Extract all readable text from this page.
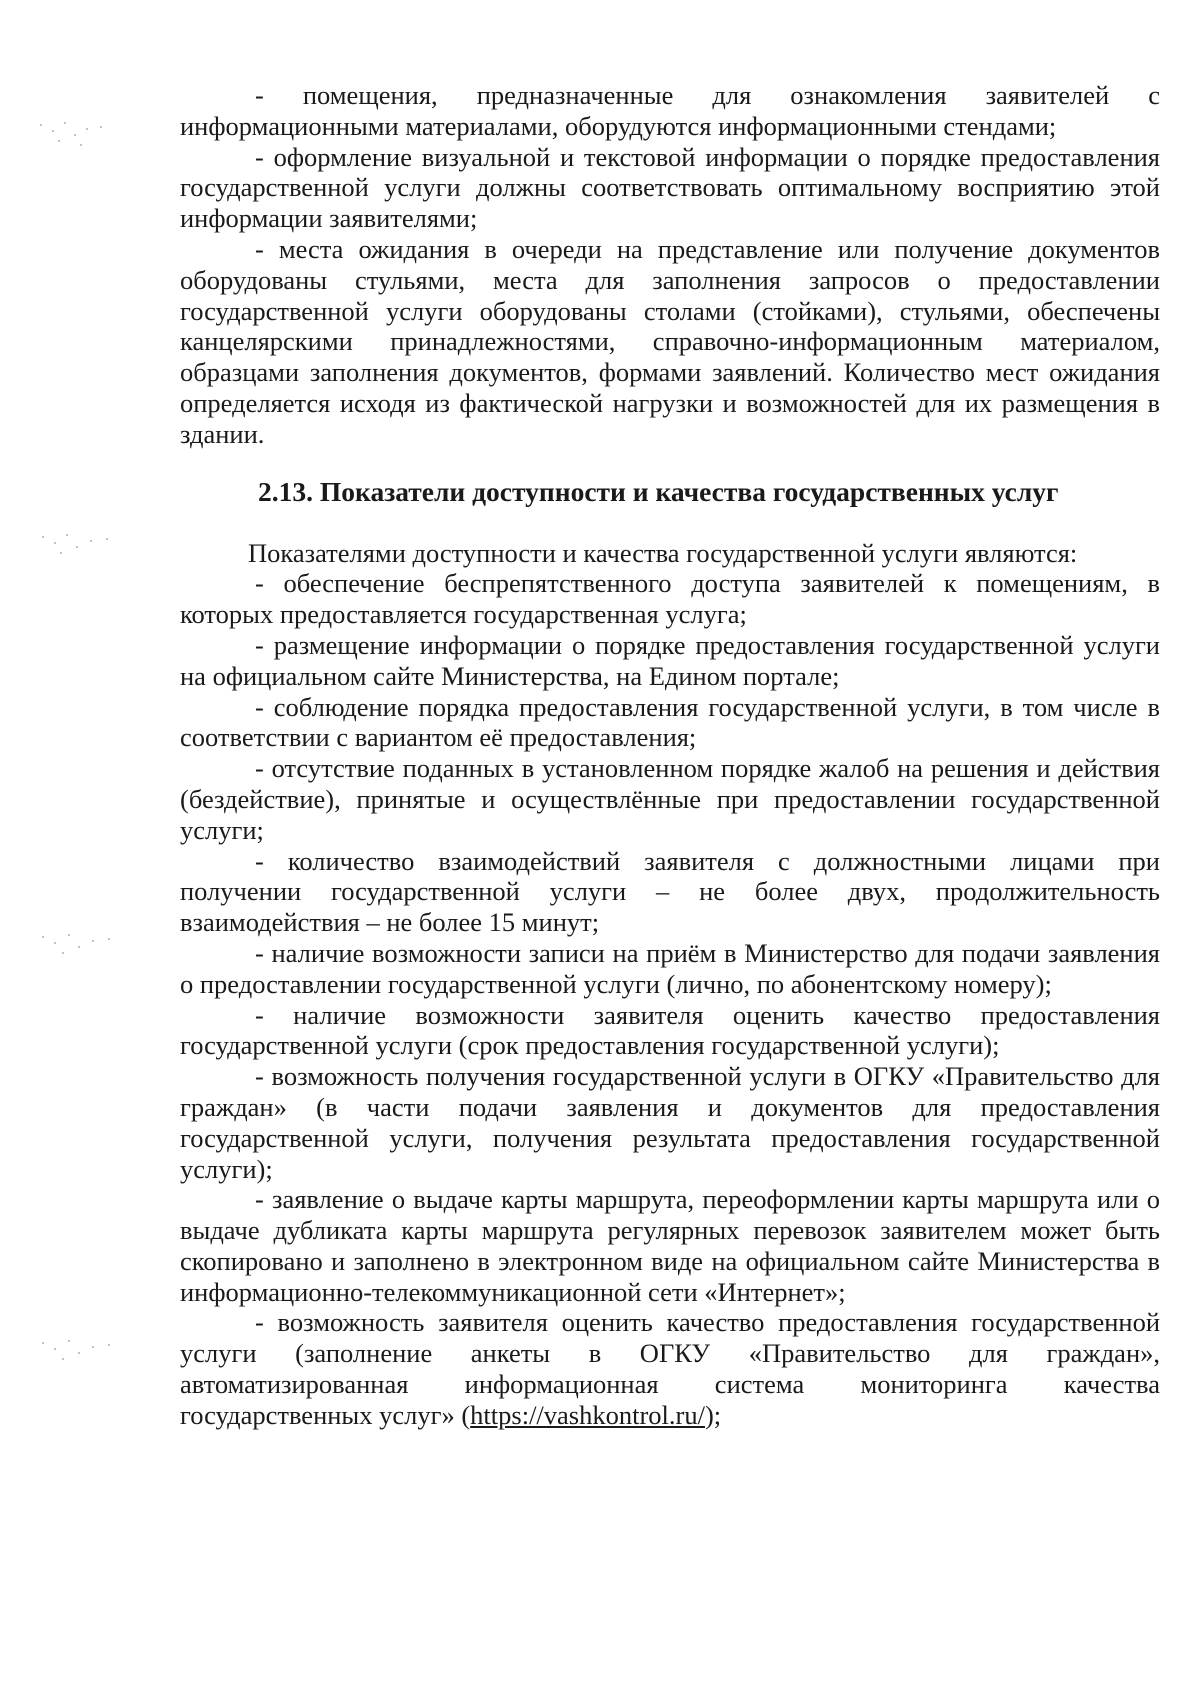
- помещения, предназначенные для ознакомления заявителей с информационными материалами, оборудуются информационными стендами;

- оформление визуальной и текстовой информации о порядке предоставления государственной услуги должны соответствовать оптимальному восприятию этой информации заявителями;

- места ожидания в очереди на представление или получение документов оборудованы стульями, места для заполнения запросов о предоставлении государственной услуги оборудованы столами (стойками), стульями, обеспечены канцелярскими принадлежностями, справочно-информационным материалом, образцами заполнения документов, формами заявлений. Количество мест ожидания определяется исходя из фактической нагрузки и возможностей для их размещения в здании.

2.13. Показатели доступности и качества государственных услуг

Показателями доступности и качества государственной услуги являются:

- обеспечение беспрепятственного доступа заявителей к помещениям, в которых предоставляется государственная услуга;

- размещение информации о порядке предоставления государственной услуги на официальном сайте Министерства, на Едином портале;

- соблюдение порядка предоставления государственной услуги, в том числе в соответствии с вариантом её предоставления;

- отсутствие поданных в установленном порядке жалоб на решения и действия (бездействие), принятые и осуществлённые при предоставлении государственной услуги;

- количество взаимодействий заявителя с должностными лицами при получении государственной услуги – не более двух, продолжительность взаимодействия – не более 15 минут;

- наличие возможности записи на приём в Министерство для подачи заявления о предоставлении государственной услуги (лично, по абонентскому номеру);

- наличие возможности заявителя оценить качество предоставления государственной услуги (срок предоставления государственной услуги);

- возможность получения государственной услуги в ОГКУ «Правительство для граждан» (в части подачи заявления и документов для предоставления государственной услуги, получения результата предоставления государственной услуги);

- заявление о выдаче карты маршрута, переоформлении карты маршрута или о выдаче дубликата карты маршрута регулярных перевозок заявителем может быть скопировано и заполнено в электронном виде на официальном сайте Министерства в информационно-телекоммуникационной сети «Интернет»;

- возможность заявителя оценить качество предоставления государственной услуги (заполнение анкеты в ОГКУ «Правительство для граждан», автоматизированная информационная система мониторинга качества государственных услуг» (https://vashkontrol.ru/);
